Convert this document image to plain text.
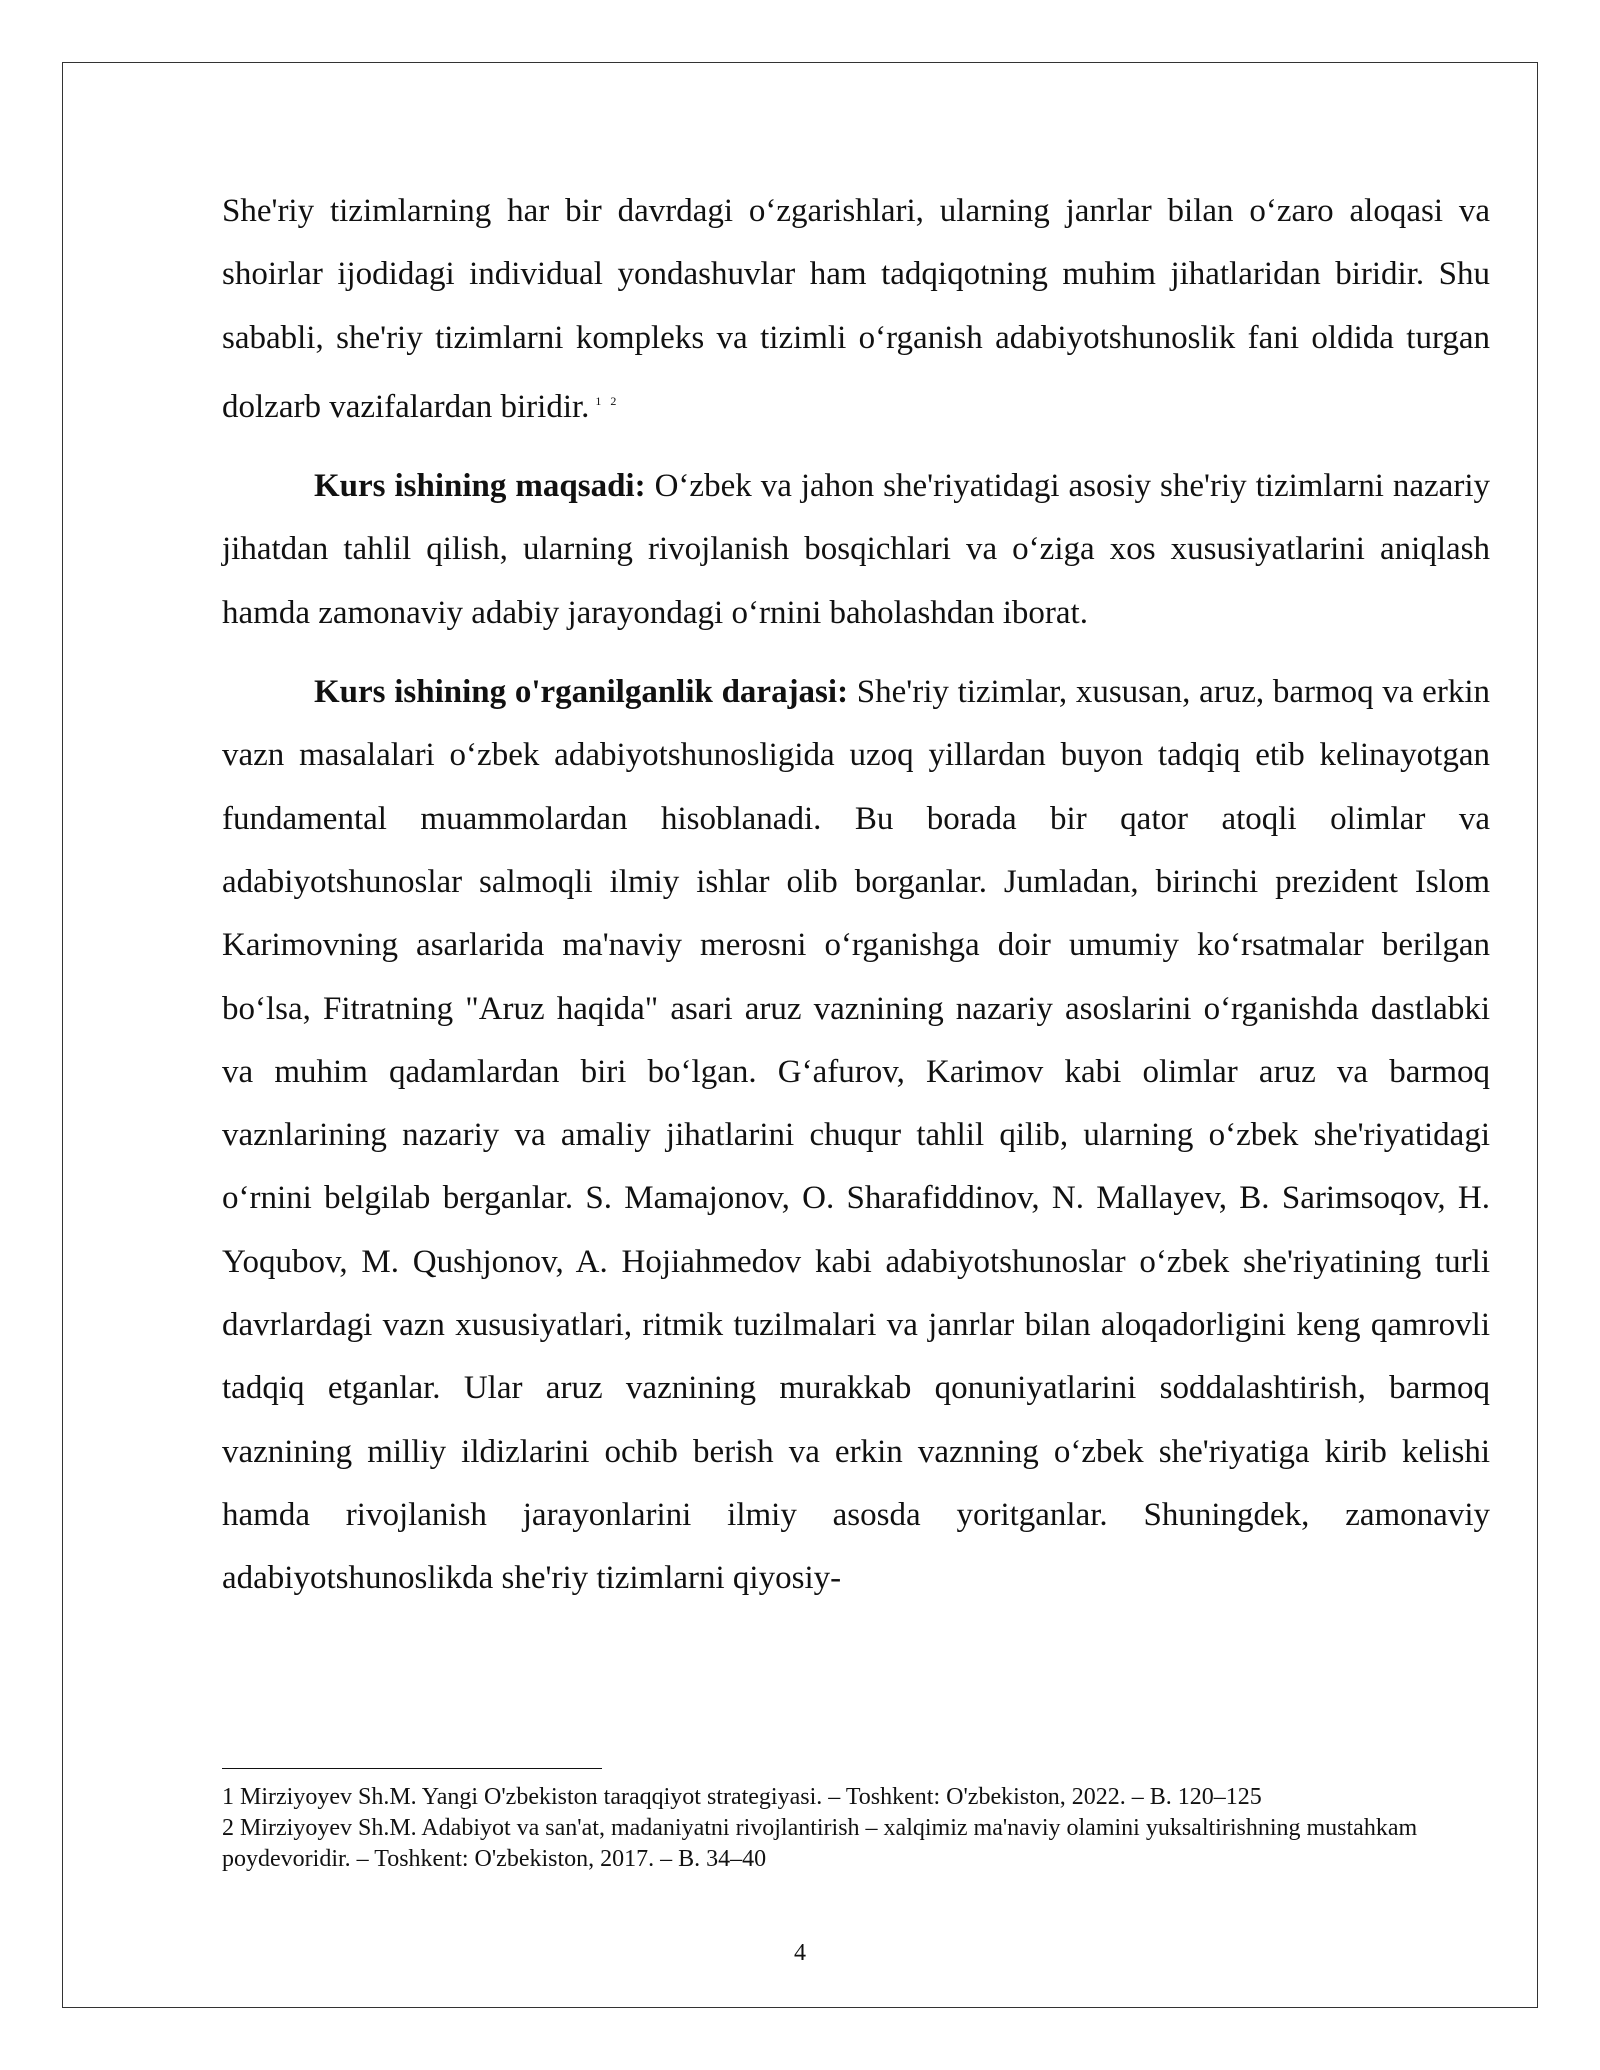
She'riy tizimlarning har bir davrdagi o‘zgarishlari, ularning janrlar bilan o‘zaro aloqasi va shoirlar ijodidagi individual yondashuvlar ham tadqiqotning muhim jihatlaridan biridir. Shu sababli, she'riy tizimlarni kompleks va tizimli o‘rganish adabiyotshunoslik fani oldida turgan dolzarb vazifalardan biridir. $^{1 2}$

Kurs ishining maqsadi: O‘zbek va jahon she'riyatidagi asosiy she'riy tizimlarni nazariy jihatdan tahlil qilish, ularning rivojlanish bosqichlari va o‘ziga xos xususiyatlarini aniqlash hamda zamonaviy adabiy jarayondagi o‘rnini baholashdan iborat.

Kurs ishining o'rganilganlik darajasi: She'riy tizimlar, xususan, aruz, barmoq va erkin vazn masalalari o‘zbek adabiyotshunosligida uzoq yillardan buyon tadqiq etib kelinayotgan fundamental muammolardan hisoblanadi. Bu borada bir qator atoqli olimlar va adabiyotshunoslar salmoqli ilmiy ishlar olib borganlar. Jumladan, birinchi prezident Islom Karimovning asarlarida ma'naviy merosni o‘rganishga doir umumiy ko‘rsatmalar berilgan bo‘lsa, Fitratning "Aruz haqida" asari aruz vaznining nazariy asoslarini o‘rganishda dastlabki va muhim qadamlardan biri bo‘lgan. G‘afurov, Karimov kabi olimlar aruz va barmoq vaznlarining nazariy va amaliy jihatlarini chuqur tahlil qilib, ularning o‘zbek she'riyatidagi o‘rnini belgilab berganlar. S. Mamajonov, O. Sharafiddinov, N. Mallayev, B. Sarimsoqov, H. Yoqubov, M. Qushjonov, A. Hojiahmedov kabi adabiyotshunoslar o‘zbek she'riyatining turli davrlardagi vazn xususiyatlari, ritmik tuzilmalari va janrlar bilan aloqadorligini keng qamrovli tadqiq etganlar. Ular aruz vaznining murakkab qonuniyatlarini soddalashtirish, barmoq vaznining milliy ildizlarini ochib berish va erkin vaznning o‘zbek she'riyatiga kirib kelishi hamda rivojlanish jarayonlarini ilmiy asosda yoritganlar. Shuningdek, zamonaviy adabiyotshunoslikda she'riy tizimlarni qiyosiy-

1 Mirziyoyev Sh.M. Yangi O'zbekiston taraqqiyot strategiyasi. – Toshkent: O'zbekiston, 2022. – B. 120–125

2 Mirziyoyev Sh.M. Adabiyot va san'at, madaniyatni rivojlantirish – xalqimiz ma'naviy olamini yuksaltirishning mustahkam poydevoridir. – Toshkent: O'zbekiston, 2017. – B. 34–40

4
